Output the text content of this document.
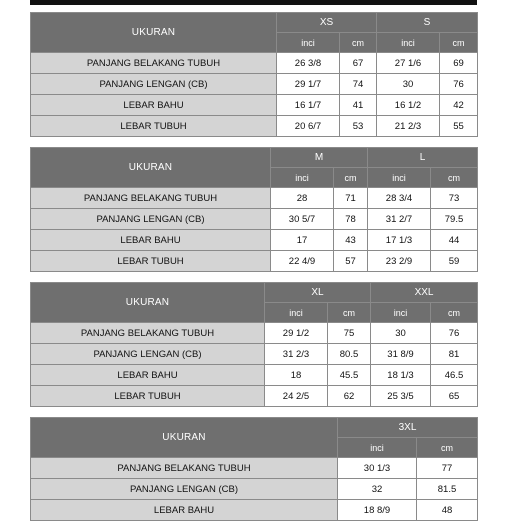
UKURAN	XS		S	
	inci	cm	inci	cm
PANJANG BELAKANG TUBUH	26 3/8	67	27 1/6	69
PANJANG LENGAN (CB)	29 1/7	74	30	76
LEBAR BAHU	16 1/7	41	16 1/2	42
LEBAR TUBUH	20 6/7	53	21 2/3	55
UKURAN	M		L	
	inci	cm	inci	cm
PANJANG BELAKANG TUBUH	28	71	28 3/4	73
PANJANG LENGAN (CB)	30 5/7	78	31 2/7	79.5
LEBAR BAHU	17	43	17 1/3	44
LEBAR TUBUH	22 4/9	57	23 2/9	59
UKURAN	XL		XXL	
	inci	cm	inci	cm
PANJANG BELAKANG TUBUH	29 1/2	75	30	76
PANJANG LENGAN (CB)	31 2/3	80.5	31 8/9	81
LEBAR BAHU	18	45.5	18 1/3	46.5
LEBAR TUBUH	24 2/5	62	25 3/5	65
UKURAN	3XL	
	inci	cm
PANJANG BELAKANG TUBUH	30 1/3	77
PANJANG LENGAN (CB)	32	81.5
LEBAR BAHU	18 8/9	48
